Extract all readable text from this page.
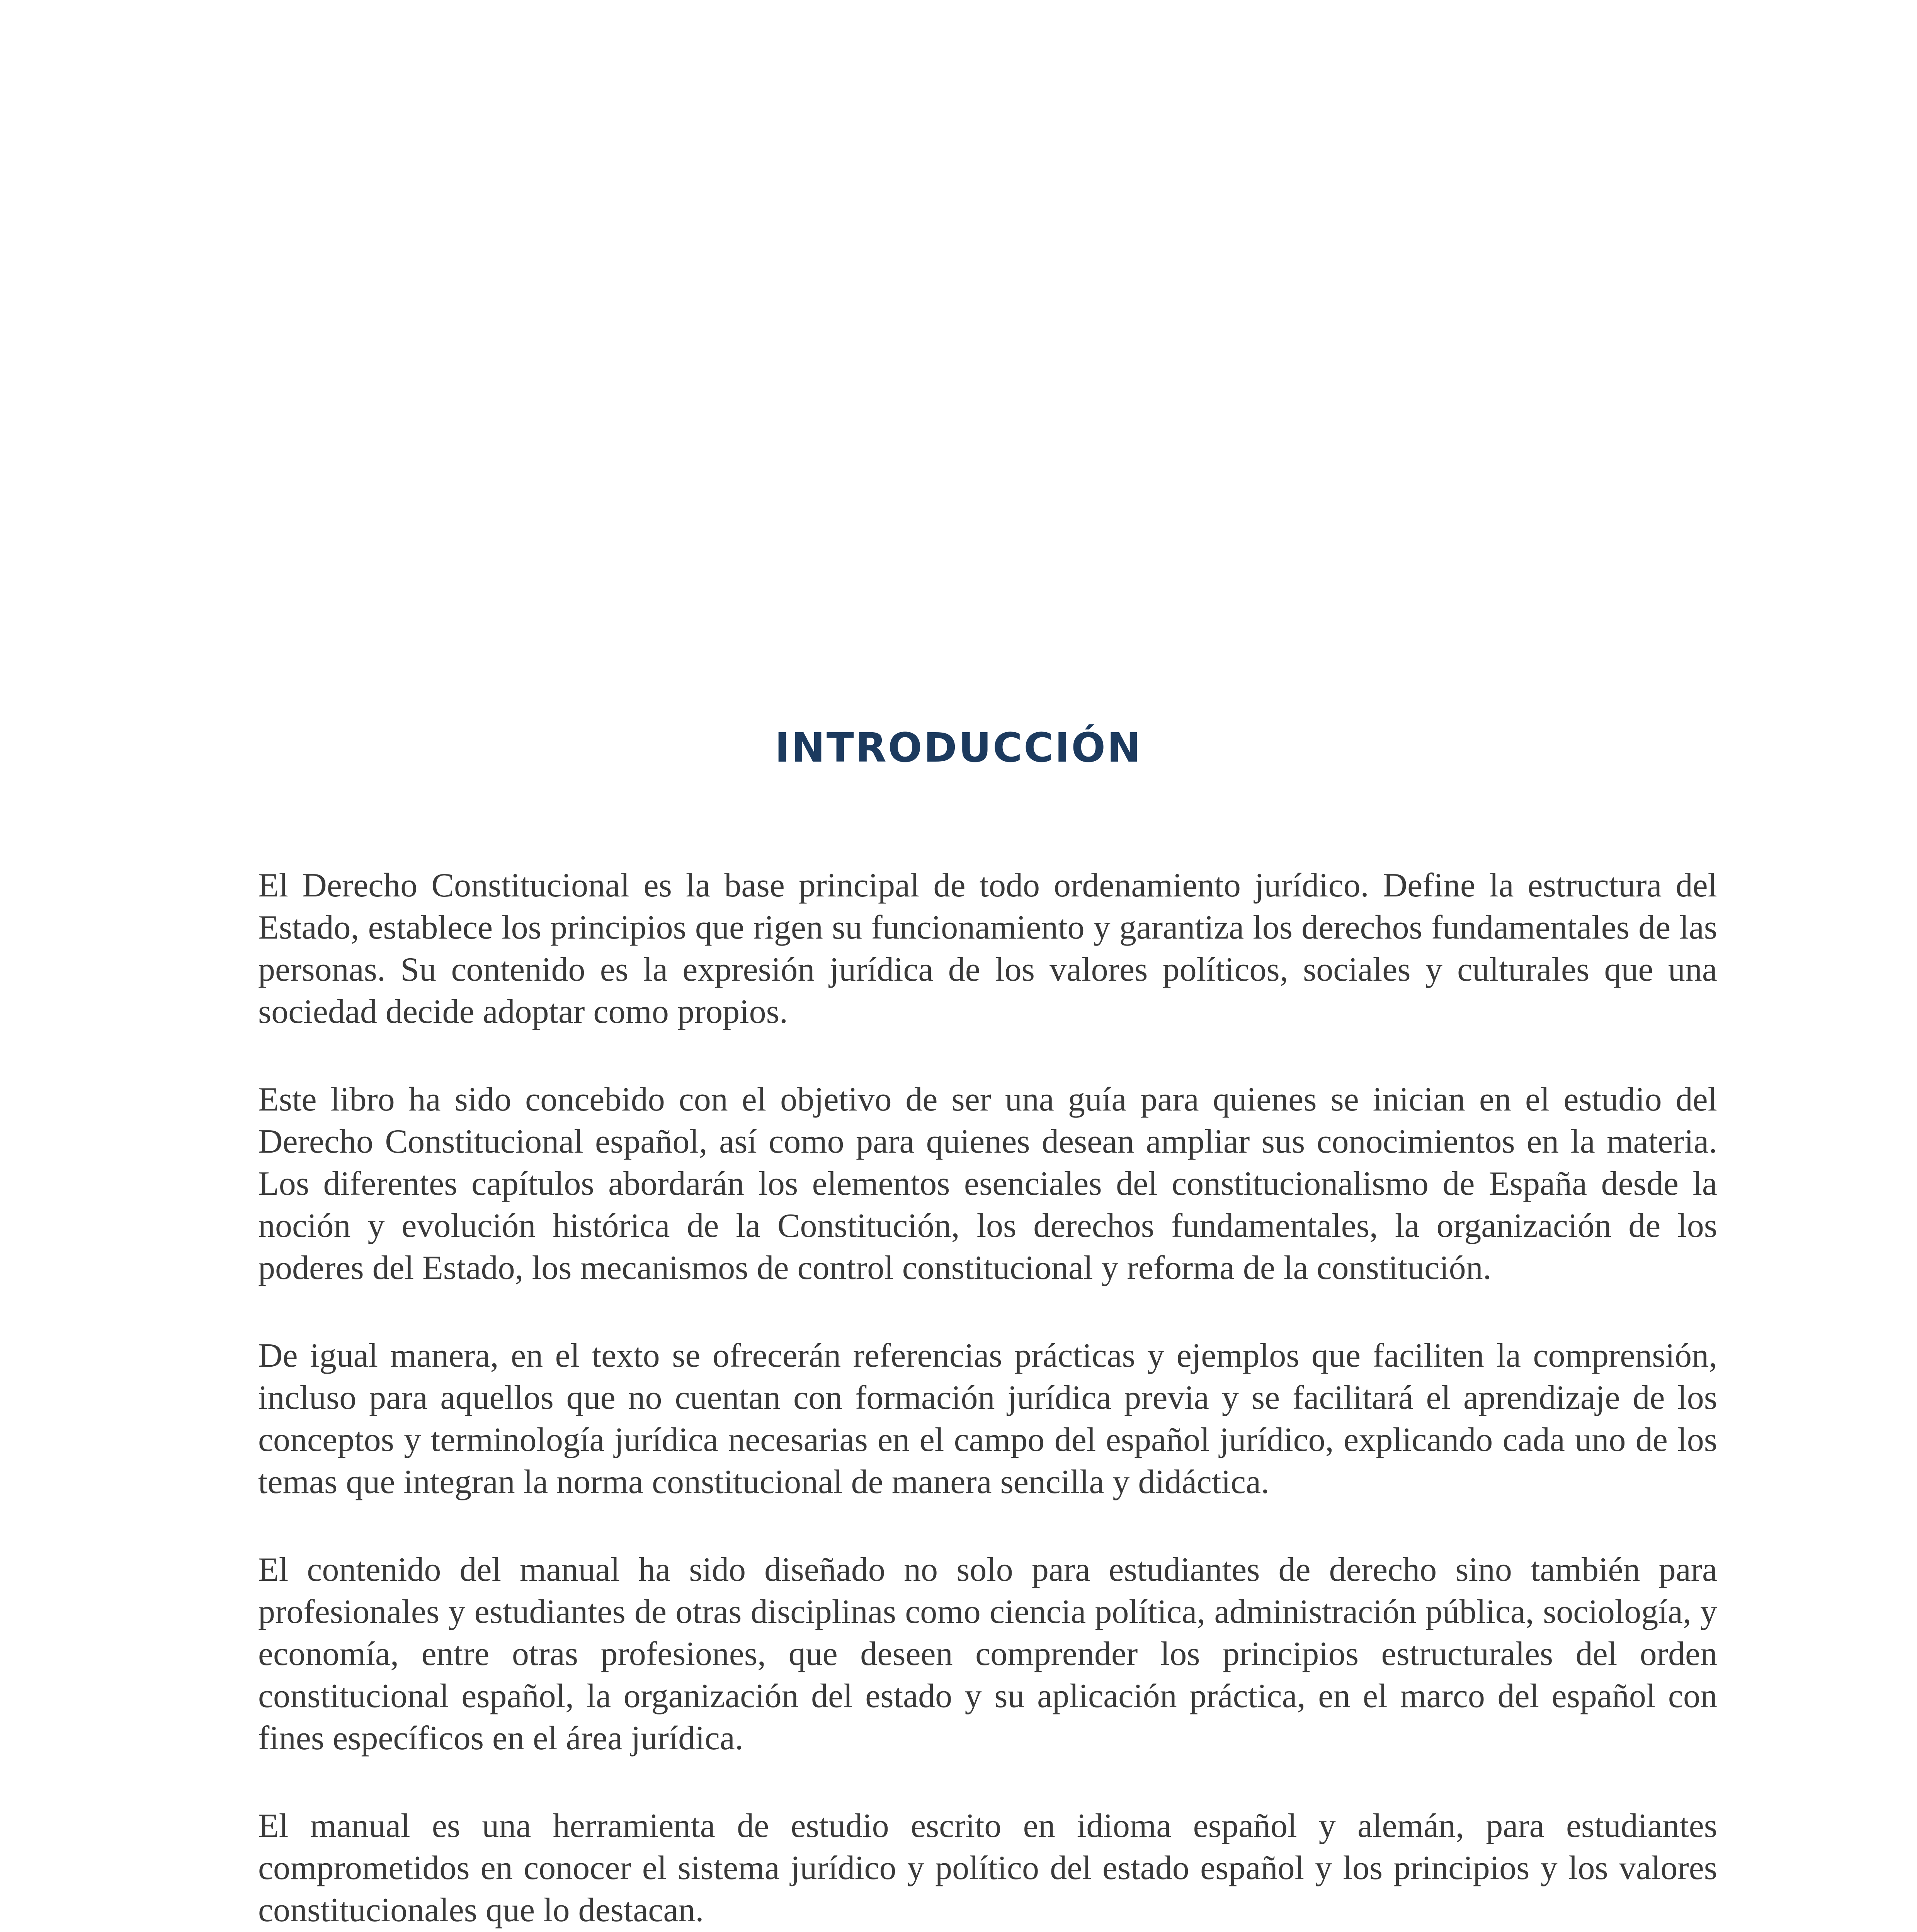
INTRODUCCIÓN

El Derecho Constitucional es la base principal de todo ordenamiento jurídico. Define la estructura del Estado, establece los principios que rigen su funcionamiento y garantiza los derechos fundamentales de las personas. Su contenido es la expresión jurídica de los valores políticos, sociales y culturales que una sociedad decide adoptar como propios.

Este libro ha sido concebido con el objetivo de ser una guía para quienes se inician en el estudio del Derecho Constitucional español, así como para quienes desean ampliar sus conocimientos en la materia. Los diferentes capítulos abordarán los elementos esenciales del constitucionalismo de España desde la noción y evolución histórica de la Constitución, los derechos fundamentales, la organización de los poderes del Estado, los mecanismos de control constitucional y reforma de la constitución.

De igual manera, en el texto se ofrecerán referencias prácticas y ejemplos que faciliten la comprensión, incluso para aquellos que no cuentan con formación jurídica previa y se facilitará el aprendizaje de los conceptos y terminología jurídica necesarias en el campo del español jurídico, explicando cada uno de los temas que integran la norma constitucional de manera sencilla y didáctica.

El contenido del manual ha sido diseñado no solo para estudiantes de derecho sino también para profesionales y estudiantes de otras disciplinas como ciencia política, administración pública, sociología, y economía, entre otras profesiones, que deseen comprender los principios estructurales del orden constitucional español, la organización del estado y su aplicación práctica, en el marco del español con fines específicos en el área jurídica.

El manual es una herramienta de estudio escrito en idioma español y alemán, para estudiantes comprometidos en conocer el sistema jurídico y político del estado español y los principios y los valores constitucionales que lo destacan.
